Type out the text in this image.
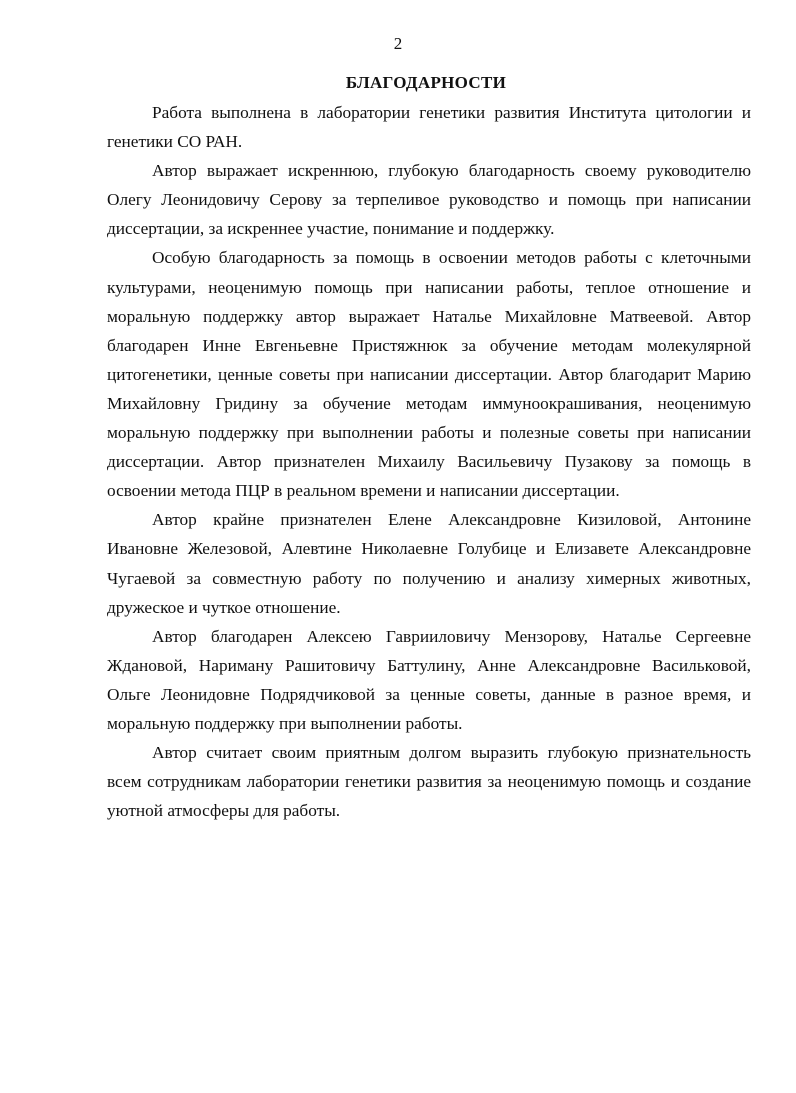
2
БЛАГОДАРНОСТИ

Работа выполнена в лаборатории генетики развития Института цитологии и генетики СО РАН.

Автор выражает искреннюю, глубокую благодарность своему руководителю Олегу Леонидовичу Серову за терпеливое руководство и помощь при написании диссертации, за искреннее участие, понимание и поддержку.

Особую благодарность за помощь в освоении методов работы с клеточными культурами, неоценимую помощь при написании работы, теплое отношение и моральную поддержку автор выражает Наталье Михайловне Матвеевой. Автор благодарен Инне Евгеньевне Пристяжнюк за обучение методам молекулярной цитогенетики, ценные советы при написании диссертации. Автор благодарит Марию Михайловну Гридину за обучение методам иммуноокрашивания, неоценимую моральную поддержку при выполнении работы и полезные советы при написании диссертации. Автор признателен Михаилу Васильевичу Пузакову за помощь в освоении метода ПЦР в реальном времени и написании диссертации.

Автор крайне признателен Елене Александровне Кизиловой, Антонине Ивановне Железовой, Алевтине Николаевне Голубице и Елизавете Александровне Чугаевой за совместную работу по получению и анализу химерных животных, дружеское и чуткое отношение.

Автор благодарен Алексею Гаврииловичу Мензорову, Наталье Сергеевне Ждановой, Нариману Рашитовичу Баттулину, Анне Александровне Васильковой, Ольге Леонидовне Подрядчиковой за ценные советы, данные в разное время, и моральную поддержку при выполнении работы.

Автор считает своим приятным долгом выразить глубокую признательность всем сотрудникам лаборатории генетики развития за неоценимую помощь и создание уютной атмосферы для работы.
